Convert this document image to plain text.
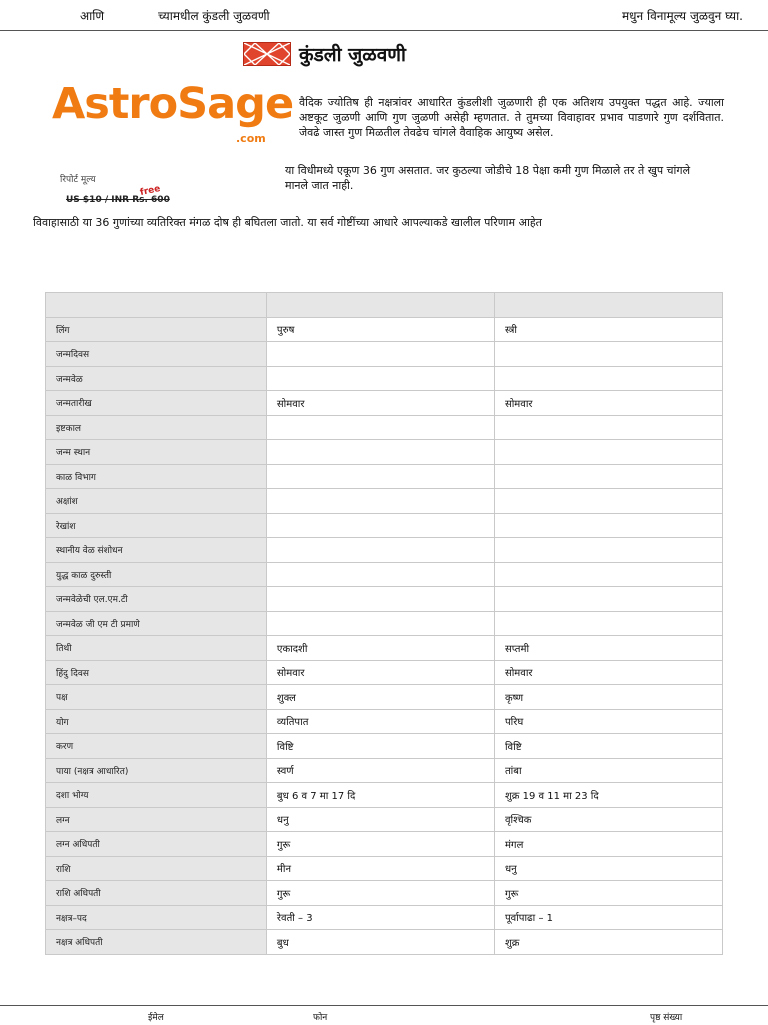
आणि	च्यामधील कुंडली जुळवणी	मधुन विनामूल्य जुळवुन घ्या.
कुंडली जुळवणी
AstroSage
.com
वैदिक ज्योतिष ही नक्षत्रांवर आधारित कुंडलीशी जुळणारी ही एक अतिशय उपयुक्त पद्धत आहे. ज्याला अष्टकूट जुळणी आणि गुण जुळणी असेही म्हणतात. ते तुमच्या विवाहावर प्रभाव पाडणारे गुण दर्शवितात. जेवढे जास्त गुण मिळतील तेवढेच चांगले वैवाहिक आयुष्य असेल.
या विधीमध्ये एकूण 36 गुण असतात. जर कुठल्या जोडीचे 18 पेक्षा कमी गुण मिळाले तर ते खुप चांगले मानले जात नाही.
रिपोर्ट मूल्य
free
US $10 / INR Rs. 600
विवाहासाठी या 36 गुणांच्या व्यतिरिक्त मंगळ दोष ही बघितला जातो. या सर्व गोष्टींच्या आधारे आपल्याकडे खालील परिणाम आहेत

लिंग	पुरुष	स्त्री
जन्मदिवस		
जन्मवेळ		
जन्मतारीख	सोमवार	सोमवार
इष्टकाल		
जन्म स्थान		
काळ विभाग		
अक्षांश		
रेखांश		
स्थानीय वेळ संशोधन		
युद्ध काळ दुरुस्ती		
जन्मवेळेची एल.एम.टी		
जन्मवेळ जी एम टी प्रमाणे		
तिथी	एकादशी	सप्तमी
हिंदु दिवस	सोमवार	सोमवार
पक्ष	शुक्ल	कृष्ण
योग	व्यतिपात	परिघ
करण	विष्टि	विष्टि
पाया (नक्षत्र आधारित)	स्वर्ण	तांबा
दशा भोग्य	बुध 6 व 7 मा 17 दि	शुक्र 19 व 11 मा 23 दि
लग्न	धनु	वृश्चिक
लग्न अधिपती	गुरू	मंगल
राशि	मीन	धनु
राशि अधिपती	गुरू	गुरू
नक्षत्र–पद	रेवती – 3	पूर्वापाढा – 1
नक्षत्र अधिपती	बुध	शुक्र
ईमेल	फोन	पृष्ठ संख्या
